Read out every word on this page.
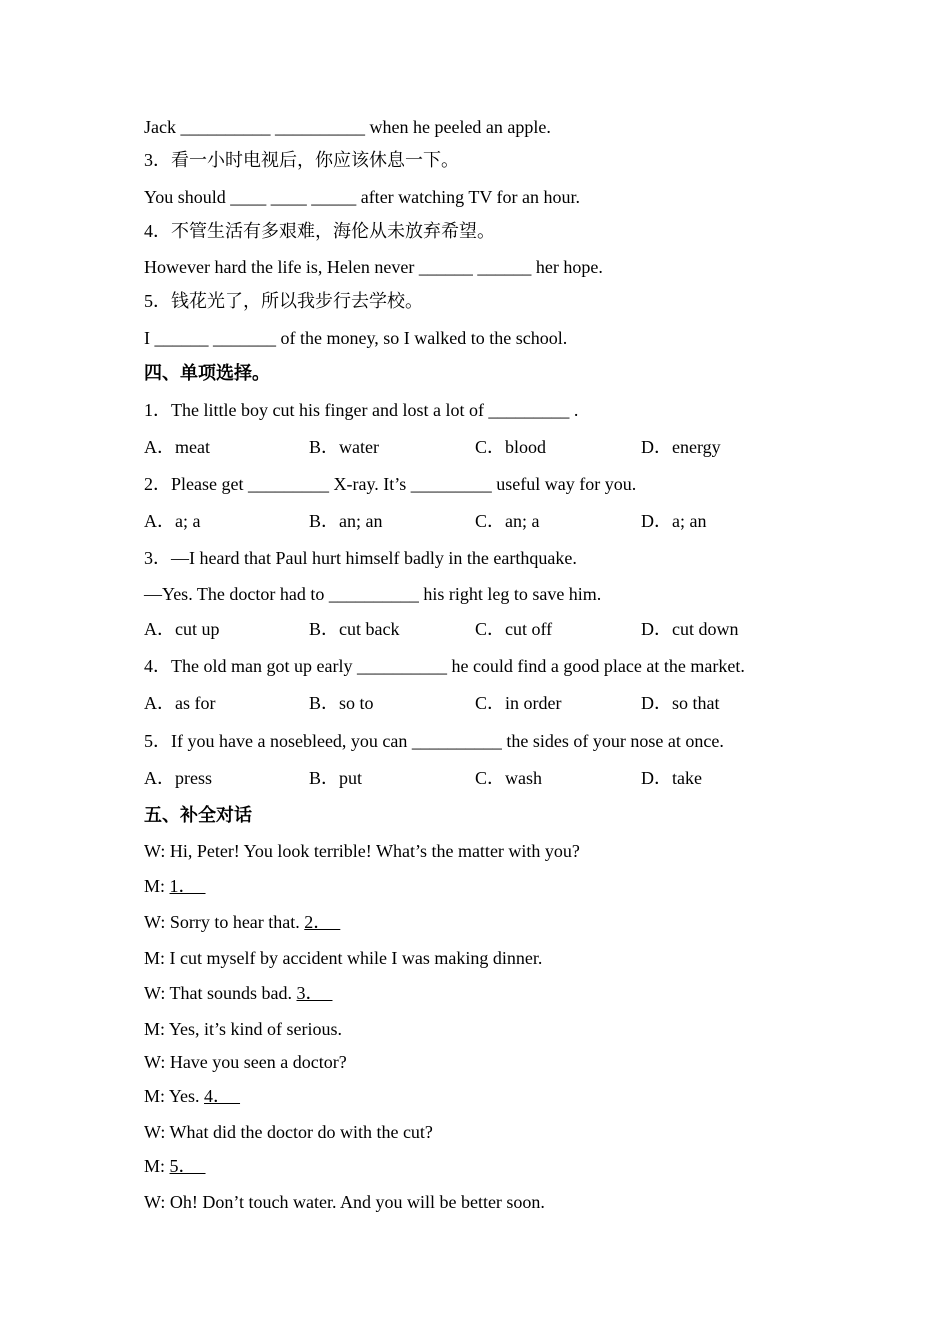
Jack __________ __________ when he peeled an apple.
3．看一小时电视后，你应该休息一下。
You should ____ ____ _____ after watching TV for an hour.
4．不管生活有多艰难，海伦从未放弃希望。
However hard the life is, Helen never ______ ______ her hope.
5．钱花光了，所以我步行去学校。
I ______ _______ of the money, so I walked to the school.
四、单项选择。
1．The little boy cut his finger and lost a lot of _________ .
A．meat	B．water	C．blood	D．energy
2．Please get _________ X-ray. It’s _________ useful way for you.
A．a; a	B．an; an	C．an; a	D．a; an
3．—I heard that Paul hurt himself badly in the earthquake.
—Yes. The doctor had to __________ his right leg to save him.
A．cut up	B．cut back	C．cut off	D．cut down
4．The old man got up early __________ he could find a good place at the market.
A．as for	B．so to	C．in order	D．so that
5．If you have a nosebleed, you can __________ the sides of your nose at once.
A．press	B．put	C．wash	D．take
五、补全对话
W: Hi, Peter! You look terrible! What’s the matter with you?
M: 1．
W: Sorry to hear that. 2．
M: I cut myself by accident while I was making dinner.
W: That sounds bad. 3．
M: Yes, it’s kind of serious.
W: Have you seen a doctor?
M: Yes. 4．
W: What did the doctor do with the cut?
M: 5．
W: Oh! Don’t touch water. And you will be better soon.
